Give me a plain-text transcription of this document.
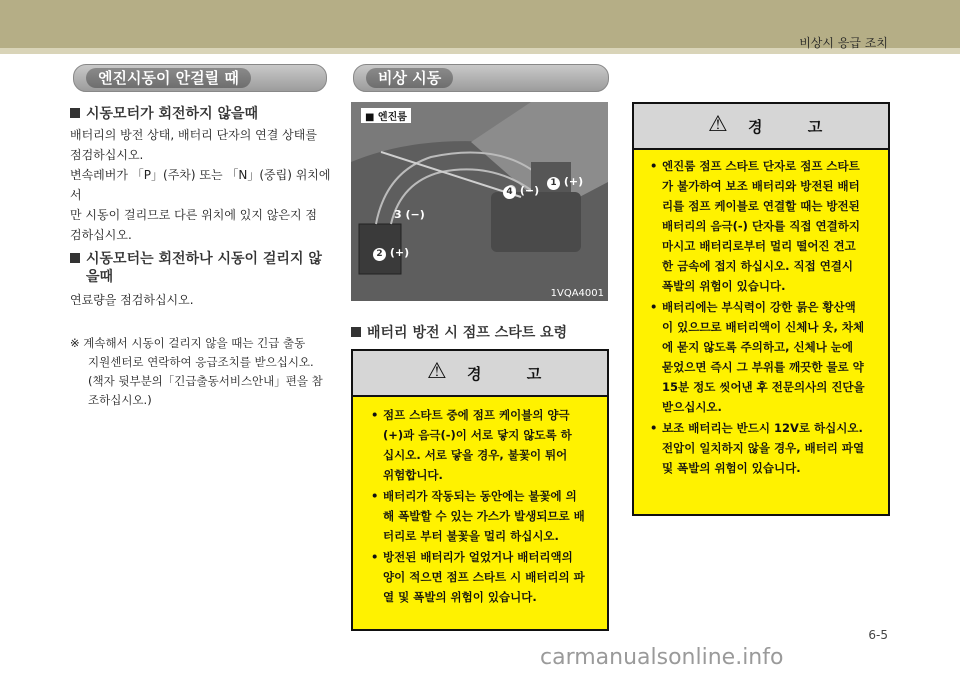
비상시 응급 조치
엔진시동이 안걸릴 때
시동모터가 회전하지 않을때
배터리의 방전 상태, 배터리 단자의 연결 상태를
점검하십시오.
변속레버가 「P」(주차) 또는 「N」(중립) 위치에서
만 시동이 걸리므로 다른 위치에 있지 않은지 점
검하십시오.
시동모터는 회전하나 시동이 걸리지 않
을때
연료량을 점검하십시오.
※ 계속해서 시동이 걸리지 않을 때는 긴급 출동
지원센터로 연락하여 응급조치를 받으십시오.
(책자 뒷부분의「긴급출동서비스안내」편을 참
조하십시오.)
비상 시동
■ 엔진룸
1 (+)
4 (−)
3 (−)
2 (+)
1VQA4001
배터리 방전 시 점프 스타트 요령
⚠ 경 고
• 점프 스타트 중에 점프 케이블의 양극
(+)과 음극(-)이 서로 닿지 않도록 하
십시오. 서로 닿을 경우, 불꽃이 튀어
위험합니다.
• 배터리가 작동되는 동안에는 불꽃에 의
해 폭발할 수 있는 가스가 발생되므로 배
터리로 부터 불꽃을 멀리 하십시오.
• 방전된 배터리가 얼었거나 배터리액의
양이 적으면 점프 스타트 시 배터리의 파
열 및 폭발의 위험이 있습니다.
⚠ 경 고
• 엔진룸 점프 스타트 단자로 점프 스타트
가 불가하여 보조 배터리와 방전된 배터
리를 점프 케이블로 연결할 때는 방전된
배터리의 음극(-) 단자를 직접 연결하지
마시고 배터리로부터 멀리 떨어진 견고
한 금속에 접지 하십시오. 직접 연결시
폭발의 위험이 있습니다.
• 배터리에는 부식력이 강한 묽은 황산액
이 있으므로 배터리액이 신체나 옷, 차체
에 묻지 않도록 주의하고, 신체나 눈에
묻었으면 즉시 그 부위를 깨끗한 물로 약
15분 정도 씻어낸 후 전문의사의 진단을
받으십시오.
• 보조 배터리는 반드시 12V로 하십시오.
전압이 일치하지 않을 경우, 배터리 파열
및 폭발의 위험이 있습니다.
6-5
carmanualsonline.info
